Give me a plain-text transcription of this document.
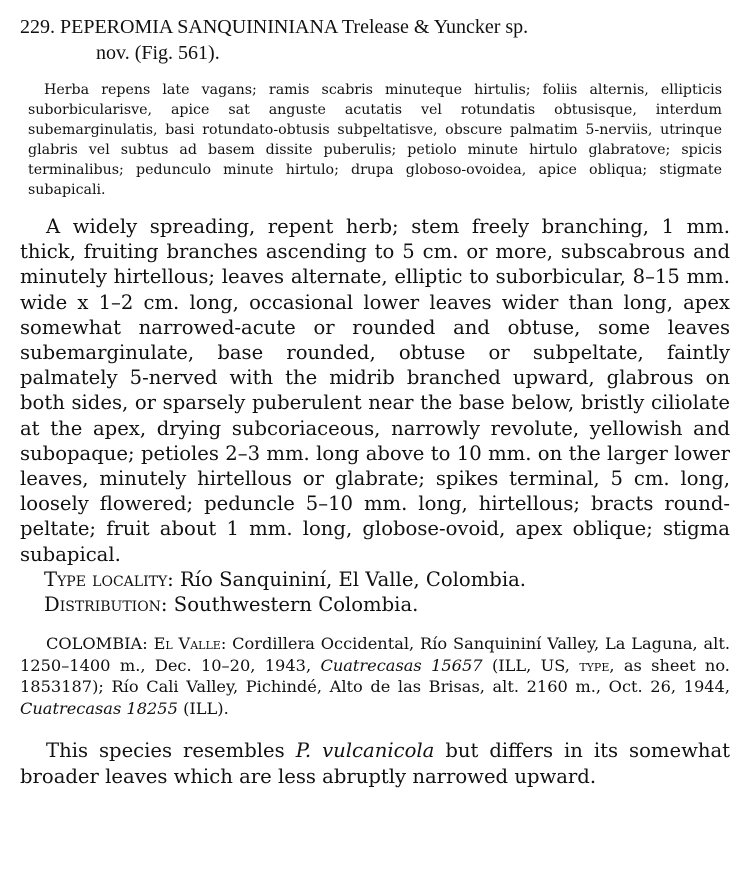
229. PEPEROMIA SANQUININIANA Trelease & Yuncker sp.
nov. (Fig. 561).

Herba repens late vagans; ramis scabris minuteque hirtulis; foliis alternis, ellipticis suborbicularisve, apice sat anguste acutatis vel rotundatis obtusisque, interdum subemarginulatis, basi rotundato-obtusis subpeltatisve, obscure palmatim 5-nerviis, utrinque glabris vel subtus ad basem dissite puberulis; petiolo minute hirtulo glabratove; spicis terminalibus; pedunculo minute hirtulo; drupa globoso-ovoidea, apice obliqua; stigmate subapicali.

A widely spreading, repent herb; stem freely branching, 1 mm. thick, fruiting branches ascending to 5 cm. or more, subscabrous and minutely hirtellous; leaves alternate, elliptic to suborbicular, 8–15 mm. wide x 1–2 cm. long, occasional lower leaves wider than long, apex somewhat narrowed-acute or rounded and obtuse, some leaves subemarginulate, base rounded, obtuse or subpeltate, faintly palmately 5-nerved with the midrib branched upward, glabrous on both sides, or sparsely puberulent near the base below, bristly ciliolate at the apex, drying subcoriaceous, narrowly revolute, yellowish and subopaque; petioles 2–3 mm. long above to 10 mm. on the larger lower leaves, minutely hirtellous or glabrate; spikes terminal, 5 cm. long, loosely flowered; peduncle 5–10 mm. long, hirtellous; bracts round-peltate; fruit about 1 mm. long, globose-ovoid, apex oblique; stigma subapical.

Type locality: Río Sanquininí, El Valle, Colombia.

Distribution: Southwestern Colombia.

COLOMBIA: El Valle: Cordillera Occidental, Río Sanquininí Valley, La Laguna, alt. 1250–1400 m., Dec. 10–20, 1943, Cuatrecasas 15657 (ILL, US, type, as sheet no. 1853187); Río Cali Valley, Pichindé, Alto de las Brisas, alt. 2160 m., Oct. 26, 1944, Cuatrecasas 18255 (ILL).

This species resembles P. vulcanicola but differs in its somewhat broader leaves which are less abruptly narrowed upward.
